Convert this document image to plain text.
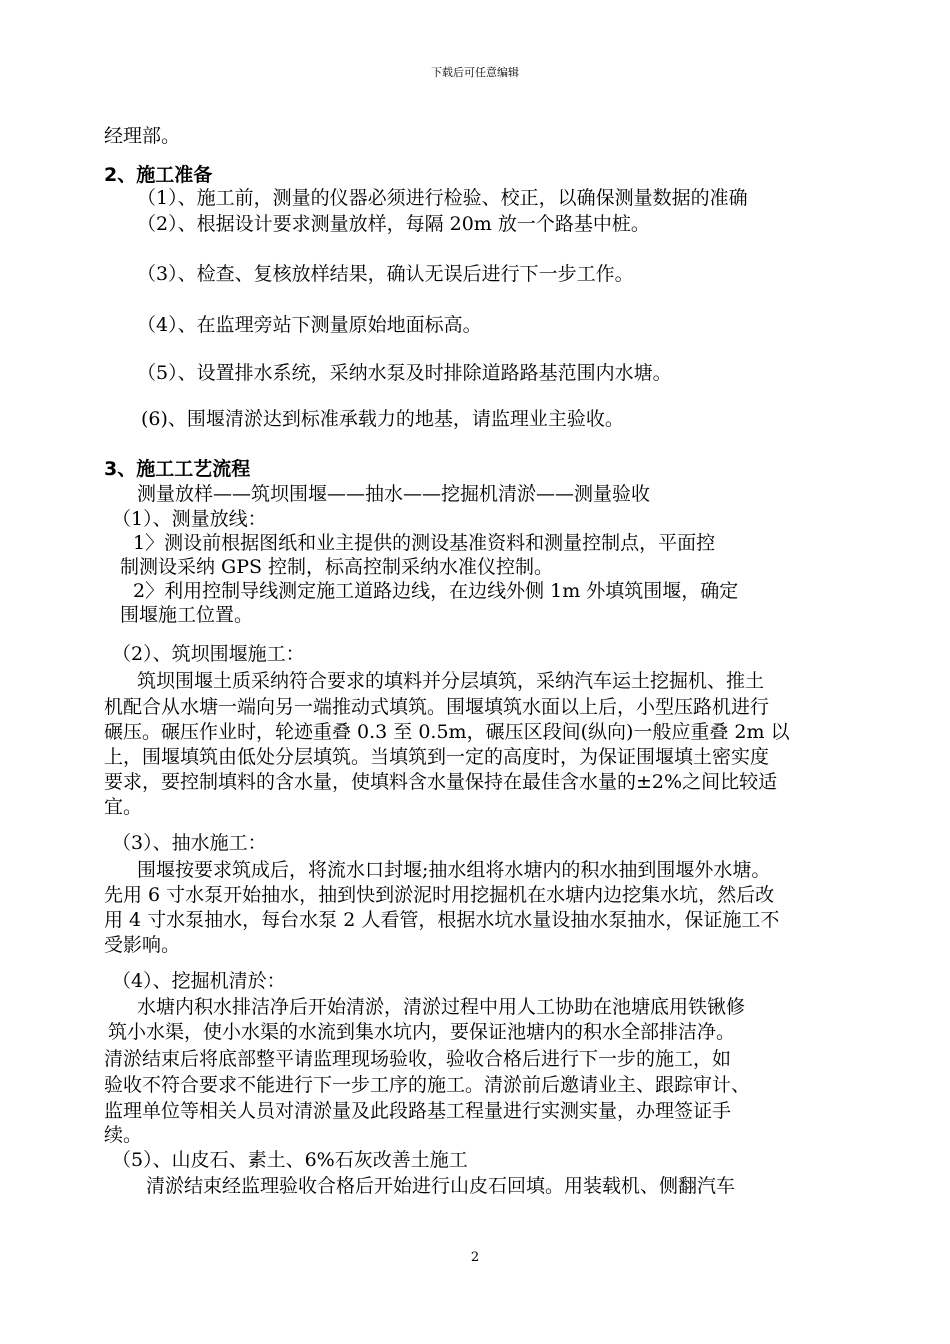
下载后可任意编辑
经理部。
2、施工准备
（1）、施工前，测量的仪器必须进行检验、校正，以确保测量数据的准确
（2）、根据设计要求测量放样，每隔 20m 放一个路基中桩。
（3）、检查、复核放样结果，确认无误后进行下一步工作。
（4）、在监理旁站下测量原始地面标高。
（5）、设置排水系统，采纳水泵及时排除道路路基范围内水塘。
(6)、围堰清淤达到标准承载力的地基，请监理业主验收。
3、施工工艺流程
测量放样——筑坝围堰——抽水——挖掘机清淤——测量验收
（1）、测量放线：
1〉测设前根据图纸和业主提供的测设基准资料和测量控制点，平面控
制测设采纳 GPS 控制，标高控制采纳水准仪控制。
2〉利用控制导线测定施工道路边线，在边线外侧 1m 外填筑围堰，确定
围堰施工位置。
（2）、筑坝围堰施工：
筑坝围堰土质采纳符合要求的填料并分层填筑，采纳汽车运土挖掘机、推土
机配合从水塘一端向另一端推动式填筑。围堰填筑水面以上后，小型压路机进行
碾压。碾压作业时，轮迹重叠 0.3 至 0.5m，碾压区段间(纵向)一般应重叠 2m 以
上，围堰填筑由低处分层填筑。当填筑到一定的高度时，为保证围堰填土密实度
要求，要控制填料的含水量，使填料含水量保持在最佳含水量的±2%之间比较适
宜。
（3）、抽水施工：
围堰按要求筑成后，将流水口封堰;抽水组将水塘内的积水抽到围堰外水塘。
先用 6 寸水泵开始抽水，抽到快到淤泥时用挖掘机在水塘内边挖集水坑，然后改
用 4 寸水泵抽水，每台水泵 2 人看管，根据水坑水量设抽水泵抽水，保证施工不
受影响。
（4）、挖掘机清於：
水塘内积水排洁净后开始清淤，清淤过程中用人工协助在池塘底用铁锹修
筑小水渠，使小水渠的水流到集水坑内，要保证池塘内的积水全部排洁净。
清淤结束后将底部整平请监理现场验收，验收合格后进行下一步的施工，如
验收不符合要求不能进行下一步工序的施工。清淤前后邀请业主、跟踪审计、
监理单位等相关人员对清淤量及此段路基工程量进行实测实量，办理签证手
续。
（5）、山皮石、素土、6%石灰改善土施工
清淤结束经监理验收合格后开始进行山皮石回填。用装载机、侧翻汽车
2
